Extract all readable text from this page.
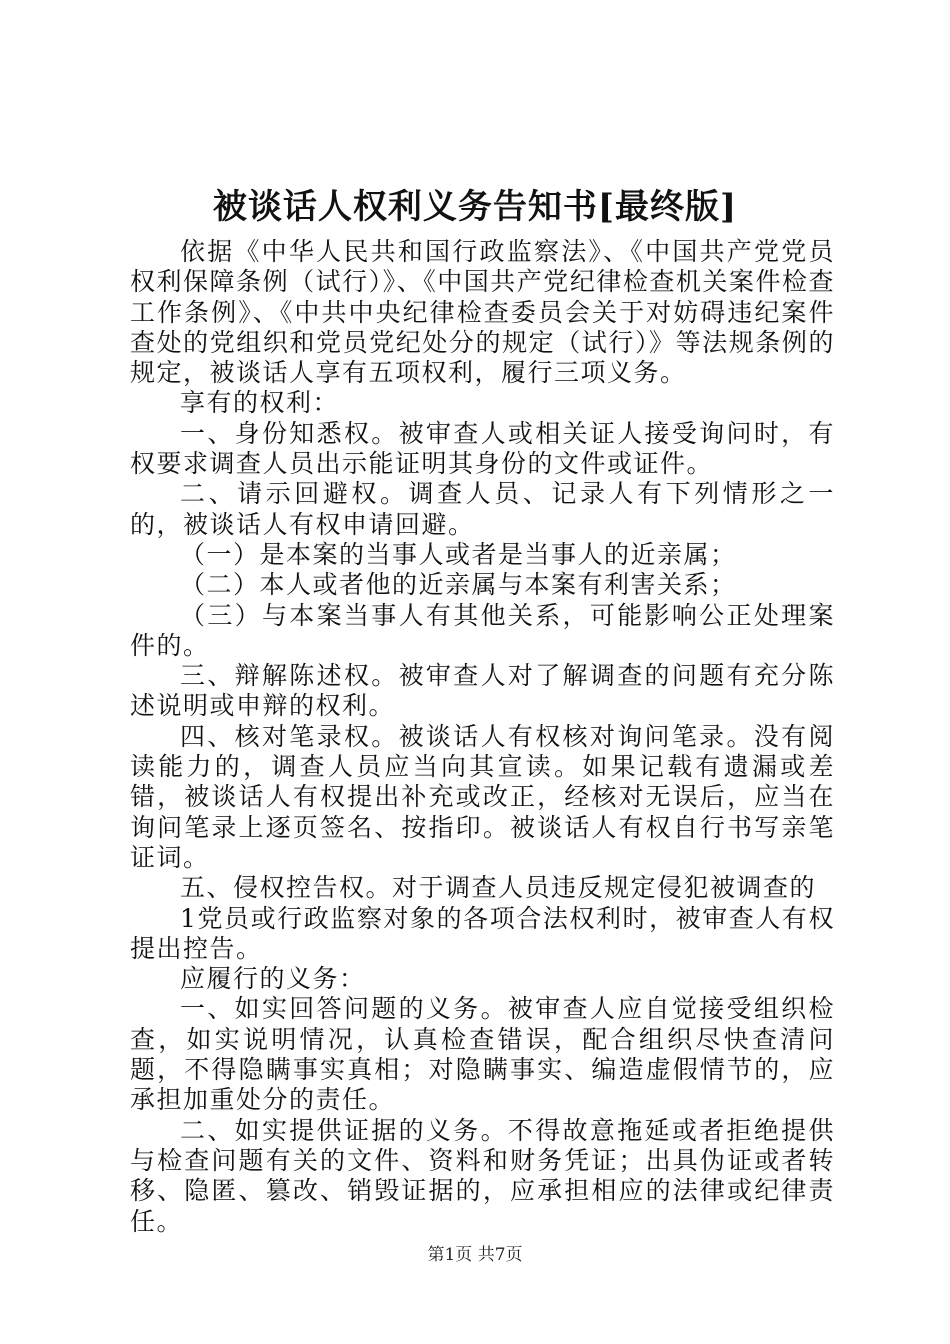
被谈话人权利义务告知书[最终版]

依据《中华人民共和国行政监察法》、《中国共产党党员权利保障条例（试行）》、《中国共产党纪律检查机关案件检查工作条例》、《中共中央纪律检查委员会关于对妨碍违纪案件查处的党组织和党员党纪处分的规定（试行）》等法规条例的规定，被谈话人享有五项权利，履行三项义务。

享有的权利：

一、身份知悉权。被审查人或相关证人接受询问时，有权要求调查人员出示能证明其身份的文件或证件。

二、请示回避权。调查人员、记录人有下列情形之一的，被谈话人有权申请回避。

（一）是本案的当事人或者是当事人的近亲属；

（二）本人或者他的近亲属与本案有利害关系；

（三）与本案当事人有其他关系，可能影响公正处理案件的。

三、辩解陈述权。被审查人对了解调查的问题有充分陈述说明或申辩的权利。

四、核对笔录权。被谈话人有权核对询问笔录。没有阅读能力的，调查人员应当向其宣读。如果记载有遗漏或差错，被谈话人有权提出补充或改正，经核对无误后，应当在询问笔录上逐页签名、按指印。被谈话人有权自行书写亲笔证词。

五、侵权控告权。对于调查人员违反规定侵犯被调查的

1党员或行政监察对象的各项合法权利时，被审查人有权提出控告。

应履行的义务：

一、如实回答问题的义务。被审查人应自觉接受组织检查，如实说明情况，认真检查错误，配合组织尽快查清问题，不得隐瞒事实真相；对隐瞒事实、编造虚假情节的，应承担加重处分的责任。

二、如实提供证据的义务。不得故意拖延或者拒绝提供与检查问题有关的文件、资料和财务凭证；出具伪证或者转移、隐匿、篡改、销毁证据的，应承担相应的法律或纪律责任。

第1页 共7页
